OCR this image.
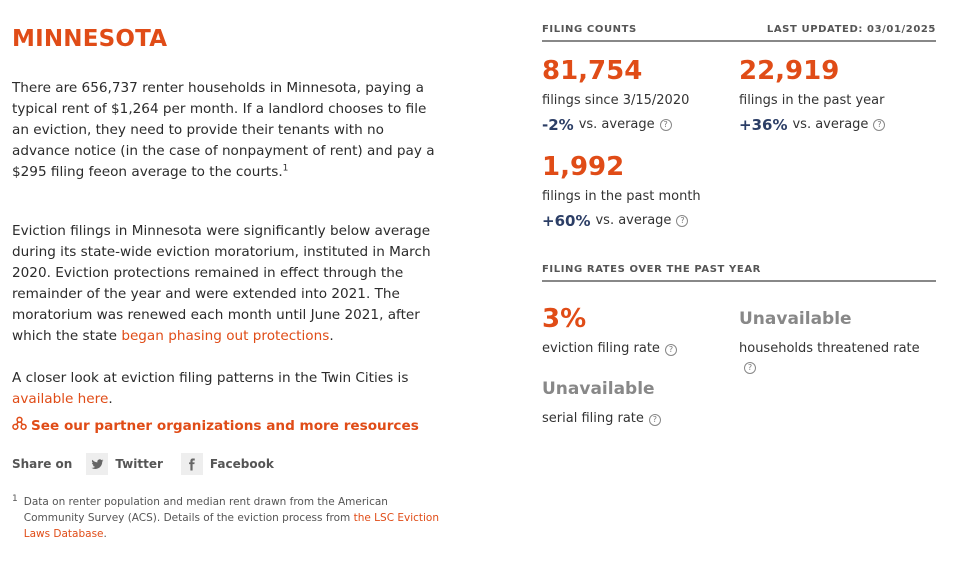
MINNESOTA

There are 656,737 renter households in Minnesota, paying a typical rent of $1,264 per month. If a landlord chooses to file an eviction, they need to provide their tenants with no advance notice (in the case of nonpayment of rent) and pay a $295 filing feeon average to the courts.$^1$

Eviction filings in Minnesota were significantly below average during its state-wide eviction moratorium, instituted in March 2020. Eviction protections remained in effect through the remainder of the year and were extended into 2021. The moratorium was renewed each month until June 2021, after which the state began phasing out protections.

A closer look at eviction filing patterns in the Twin Cities is available here.

See our partner organizations and more resources
Share on	Twitter	Facebook
1 Data on renter population and median rent drawn from the American Community Survey (ACS). Details of the eviction process from the LSC Eviction Laws Database.

FILING COUNTS	LAST UPDATED: 03/01/2025
81,754
filings since 3/15/2020
-2% vs. average	?
22,919
filings in the past year
+36% vs. average	?
1,992
filings in the past month
+60% vs. average	?
FILING RATES OVER THE PAST YEAR
3%
eviction filing rate ?
Unavailable
households threatened rate?
Unavailable
serial filing rate ?
